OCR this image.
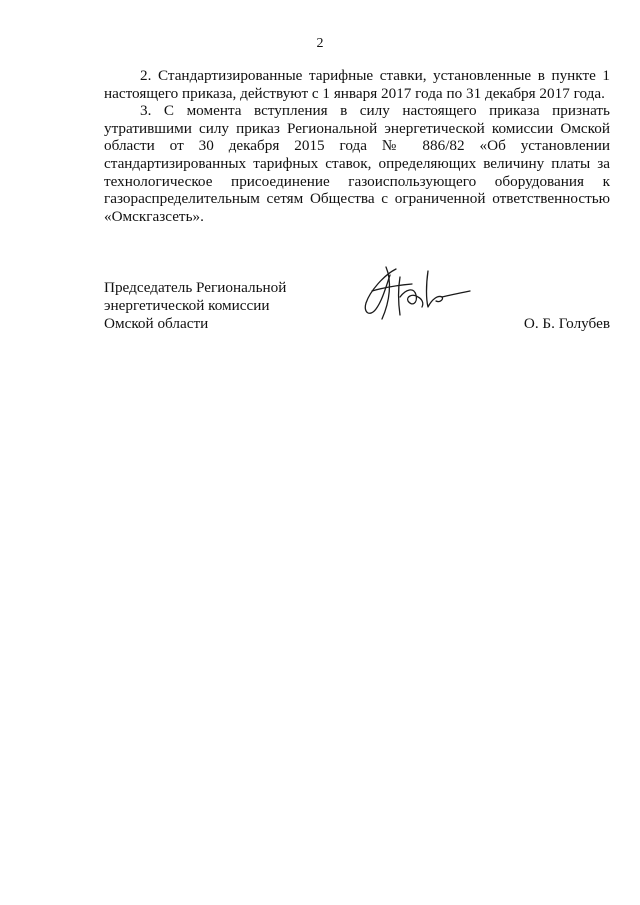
2

2. Стандартизированные тарифные ставки, установленные в пункте 1 настоящего приказа, действуют с 1 января 2017 года по 31 декабря 2017 года.

3. С момента вступления в силу настоящего приказа признать утратившими силу приказ Региональной энергетической комиссии Омской области от 30 декабря 2015 года № 886/82 «Об установлении стандартизированных тарифных ставок, определяющих величину платы за технологическое присоединение газоиспользующего оборудования к газораспределительным сетям Общества с ограниченной ответственностью «Омскгазсеть».

Председатель Региональной
энергетической комиссии
Омской области	О. Б. Голубев
